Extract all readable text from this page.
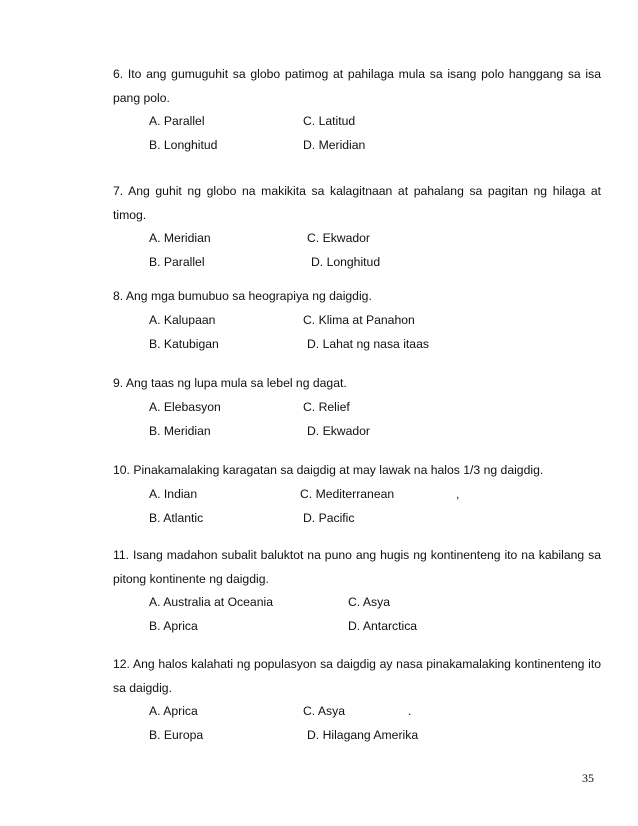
6. Ito ang gumuguhit sa globo patimog at pahilaga mula sa isang polo hanggang sa isa pang polo.
A. Parallel	C. Latitud
B. Longhitud	D. Meridian
7. Ang guhit ng globo na makikita sa kalagitnaan at pahalang sa pagitan ng hilaga at timog.
A. Meridian	C. Ekwador
B. Parallel	D. Longhitud
8. Ang mga bumubuo sa heograpiya ng daigdig.
A. Kalupaan	C. Klima at Panahon
B. Katubigan	D. Lahat ng nasa itaas
9. Ang taas ng lupa mula sa lebel ng dagat.
A. Elebasyon	C. Relief
B. Meridian	D. Ekwador
10. Pinakamalaking karagatan sa daigdig at may lawak na halos 1/3 ng daigdig.
A. Indian	C. Mediterranean	,
B. Atlantic	D. Pacific
11. Isang madahon subalit baluktot na puno ang hugis ng kontinenteng ito na kabilang sa pitong kontinente ng daigdig.
A. Australia at Oceania	C. Asya
B. Aprica	D. Antarctica
12. Ang halos kalahati ng populasyon sa daigdig ay nasa pinakamalaking kontinenteng ito sa daigdig.
A. Aprica	C. Asya	.
B. Europa	D. Hilagang Amerika
35
